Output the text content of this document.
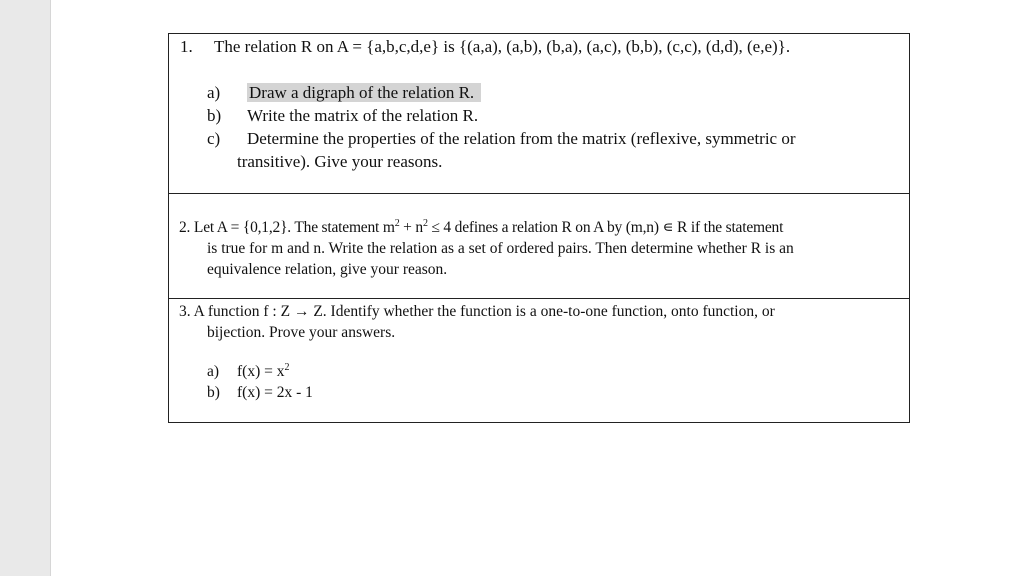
1. The relation R on A = {a,b,c,d,e} is {(a,a), (a,b), (b,a), (a,c), (b,b), (c,c), (d,d), (e,e)}.
a)	Draw a digraph of the relation R.
b)	Write the matrix of the relation R.
c)	Determine the properties of the relation from the matrix (reflexive, symmetric or
transitive). Give your reasons.
2. Let A = {0,1,2}. The statement $m^2 + n^2 \le 4$ defines a relation R on A by (m,n) ∊ R if the statement
is true for m and n. Write the relation as a set of ordered pairs. Then determine whether R is an
equivalence relation, give your reason.
3. A function f : Z → Z. Identify whether the function is a one-to-one function, onto function, or
bijection. Prove your answers.
a)	$f(x) = x^2$
b)	f(x) = 2x - 1
